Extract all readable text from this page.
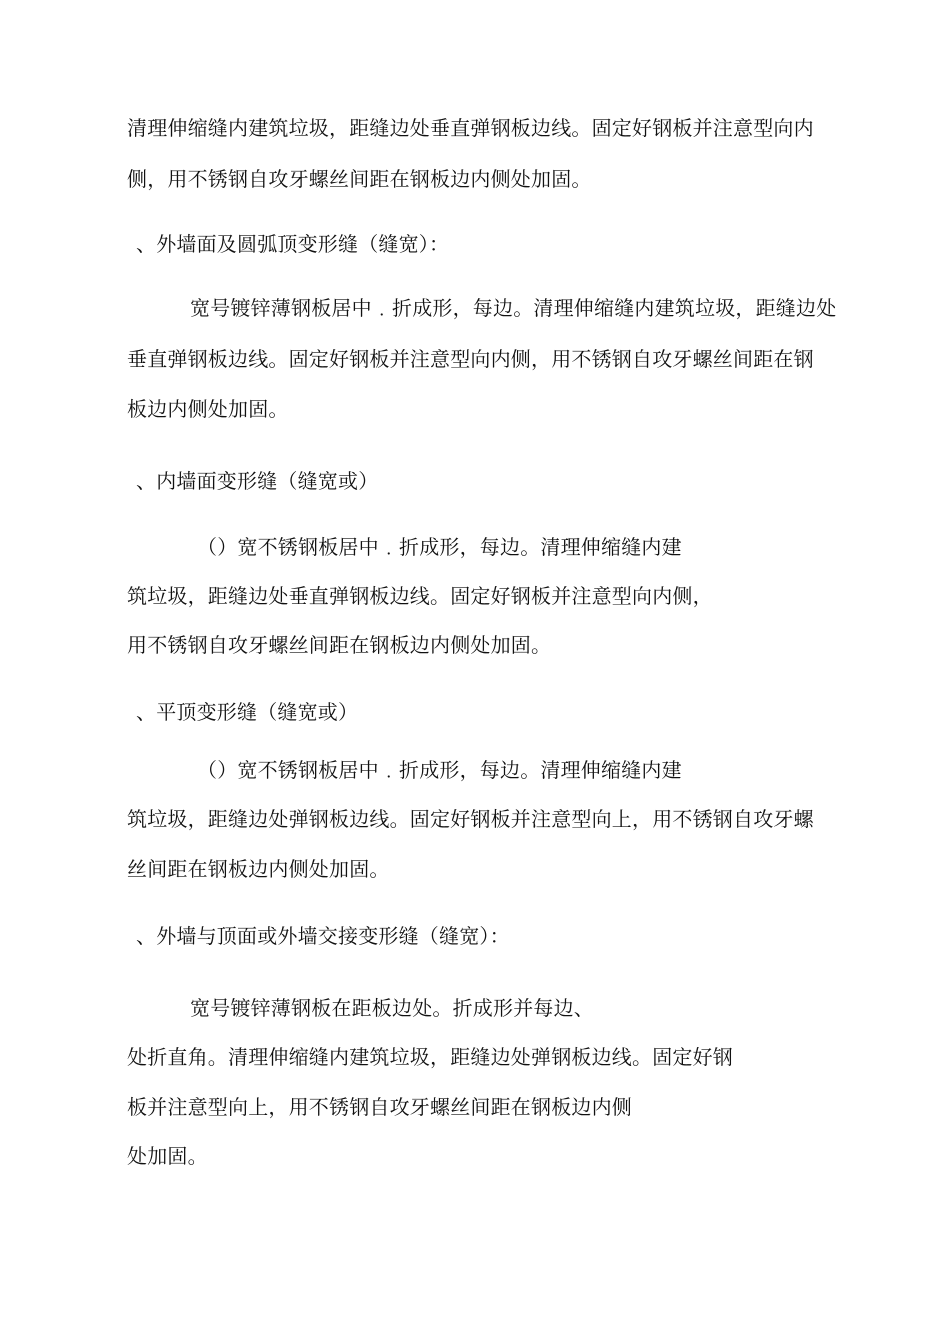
清理伸缩缝内建筑垃圾，距缝边处垂直弹钢板边线。固定好钢板并注意型向内
侧，用不锈钢自攻牙螺丝间距在钢板边内侧处加固。
、外墙面及圆弧顶变形缝（缝宽）：
宽号镀锌薄钢板居中﹒折成形，每边。清理伸缩缝内建筑垃圾，距缝边处
垂直弹钢板边线。固定好钢板并注意型向内侧，用不锈钢自攻牙螺丝间距在钢
板边内侧处加固。
、内墙面变形缝（缝宽或）
（）宽不锈钢板居中﹒折成形，每边。清理伸缩缝内建
筑垃圾，距缝边处垂直弹钢板边线。固定好钢板并注意型向内侧，
用不锈钢自攻牙螺丝间距在钢板边内侧处加固。
、平顶变形缝（缝宽或）
（）宽不锈钢板居中﹒折成形，每边。清理伸缩缝内建
筑垃圾，距缝边处弹钢板边线。固定好钢板并注意型向上，用不锈钢自攻牙螺
丝间距在钢板边内侧处加固。
、外墙与顶面或外墙交接变形缝（缝宽）：
宽号镀锌薄钢板在距板边处。折成形并每边、
处折直角。清理伸缩缝内建筑垃圾，距缝边处弹钢板边线。固定好钢
板并注意型向上，用不锈钢自攻牙螺丝间距在钢板边内侧
处加固。
